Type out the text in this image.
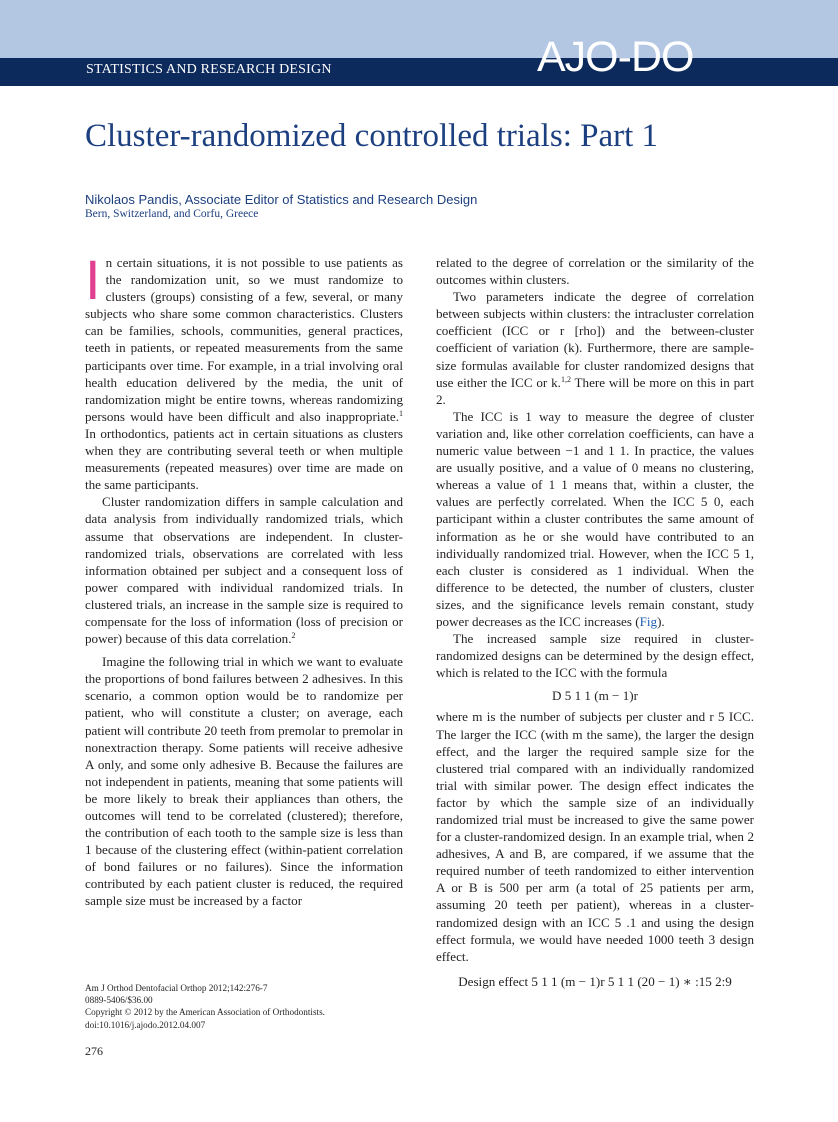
STATISTICS AND RESEARCH DESIGN	AJO-DO
Cluster-randomized controlled trials: Part 1
Nikolaos Pandis, Associate Editor of Statistics and Research Design
Bern, Switzerland, and Corfu, Greece

In certain situations, it is not possible to use patients as the randomization unit, so we must randomize to clusters (groups) consisting of a few, several, or many subjects who share some common characteristics. Clusters can be families, schools, communities, general practices, teeth in patients, or repeated measurements from the same participants over time. For example, in a trial involving oral health education delivered by the media, the unit of randomization might be entire towns, whereas randomizing persons would have been difficult and also inappropriate.$^1$ In orthodontics, patients act in certain situations as clusters when they are contributing several teeth or when multiple measurements (repeated measures) over time are made on the same participants.

Cluster randomization differs in sample calculation and data analysis from individually randomized trials, which assume that observations are independent. In cluster-randomized trials, observations are correlated with less information obtained per subject and a consequent loss of power compared with individual randomized trials. In clustered trials, an increase in the sample size is required to compensate for the loss of information (loss of precision or power) because of this data correlation.$^2$

Imagine the following trial in which we want to evaluate the proportions of bond failures between 2 adhesives. In this scenario, a common option would be to randomize per patient, who will constitute a cluster; on average, each patient will contribute 20 teeth from premolar to premolar in nonextraction therapy. Some patients will receive adhesive A only, and some only adhesive B. Because the failures are not independent in patients, meaning that some patients will be more likely to break their appliances than others, the outcomes will tend to be correlated (clustered); therefore, the contribution of each tooth to the sample size is less than 1 because of the clustering effect (within-patient correlation of bond failures or no failures). Since the information contributed by each patient cluster is reduced, the required sample size must be increased by a factor

related to the degree of correlation or the similarity of the outcomes within clusters.

Two parameters indicate the degree of correlation between subjects within clusters: the intracluster correlation coefficient (ICC or r [rho]) and the between-cluster coefficient of variation (k). Furthermore, there are sample-size formulas available for cluster randomized designs that use either the ICC or k.$^{1,2}$ There will be more on this in part 2.

The ICC is 1 way to measure the degree of cluster variation and, like other correlation coefficients, can have a numeric value between −1 and 1 1. In practice, the values are usually positive, and a value of 0 means no clustering, whereas a value of 1 1 means that, within a cluster, the values are perfectly correlated. When the ICC 5 0, each participant within a cluster contributes the same amount of information as he or she would have contributed to an individually randomized trial. However, when the ICC 5 1, each cluster is considered as 1 individual. When the difference to be detected, the number of clusters, cluster sizes, and the significance levels remain constant, study power decreases as the ICC increases (Fig).

The increased sample size required in cluster-randomized designs can be determined by the design effect, which is related to the ICC with the formula

D 5 1 1 (m − 1)r

where m is the number of subjects per cluster and r 5 ICC. The larger the ICC (with m the same), the larger the design effect, and the larger the required sample size for the clustered trial compared with an individually randomized trial with similar power. The design effect indicates the factor by which the sample size of an individually randomized trial must be increased to give the same power for a cluster-randomized design. In an example trial, when 2 adhesives, A and B, are compared, if we assume that the required number of teeth randomized to either intervention A or B is 500 per arm (a total of 25 patients per arm, assuming 20 teeth per patient), whereas in a cluster-randomized design with an ICC 5 .1 and using the design effect formula, we would have needed 1000 teeth 3 design effect.

Design effect 5 1 1 (m − 1)r 5 1 1 (20 − 1) ∗ :15 2:9
Am J Orthod Dentofacial Orthop 2012;142:276-7
0889-5406/$36.00
Copyright © 2012 by the American Association of Orthodontists.
doi:10.1016/j.ajodo.2012.04.007
276
